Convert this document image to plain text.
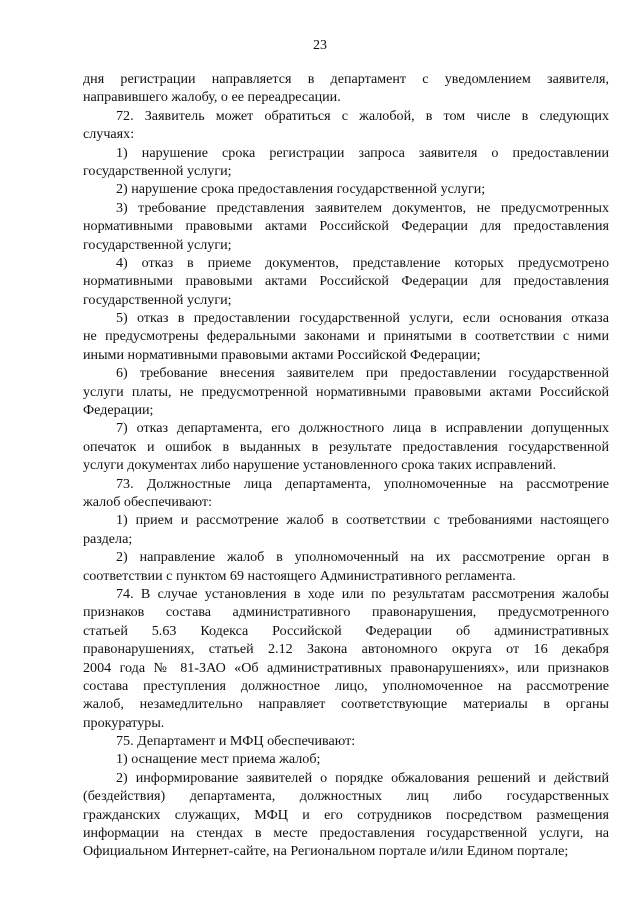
23
дня регистрации направляется в департамент с уведомлением заявителя,
направившего жалобу, о ее переадресации.
72. Заявитель может обратиться с жалобой, в том числе в следующих
случаях:
1) нарушение срока регистрации запроса заявителя о предоставлении
государственной услуги;
2) нарушение срока предоставления государственной услуги;
3) требование представления заявителем документов, не предусмотренных
нормативными правовыми актами Российской Федерации для предоставления
государственной услуги;
4) отказ в приеме документов, представление которых предусмотрено
нормативными правовыми актами Российской Федерации для предоставления
государственной услуги;
5) отказ в предоставлении государственной услуги, если основания отказа
не предусмотрены федеральными законами и принятыми в соответствии с ними
иными нормативными правовыми актами Российской Федерации;
6) требование внесения заявителем при предоставлении государственной
услуги платы, не предусмотренной нормативными правовыми актами Российской
Федерации;
7) отказ департамента, его должностного лица в исправлении допущенных
опечаток и ошибок в выданных в результате предоставления государственной
услуги документах либо нарушение установленного срока таких исправлений.
73. Должностные лица департамента, уполномоченные на рассмотрение
жалоб обеспечивают:
1) прием и рассмотрение жалоб в соответствии с требованиями настоящего
раздела;
2) направление жалоб в уполномоченный на их рассмотрение орган в
соответствии с пунктом 69 настоящего Административного регламента.
74. В случае установления в ходе или по результатам рассмотрения жалобы
признаков состава административного правонарушения, предусмотренного
статьей 5.63 Кодекса Российской Федерации об административных
правонарушениях, статьей 2.12 Закона автономного округа от 16 декабря
2004 года № 81-ЗАО «Об административных правонарушениях», или признаков
состава преступления должностное лицо, уполномоченное на рассмотрение
жалоб, незамедлительно направляет соответствующие материалы в органы
прокуратуры.
75. Департамент и МФЦ обеспечивают:
1) оснащение мест приема жалоб;
2) информирование заявителей о порядке обжалования решений и действий
(бездействия) департамента, должностных лиц либо государственных
гражданских служащих, МФЦ и его сотрудников посредством размещения
информации на стендах в месте предоставления государственной услуги, на
Официальном Интернет-сайте, на Региональном портале и/или Едином портале;
